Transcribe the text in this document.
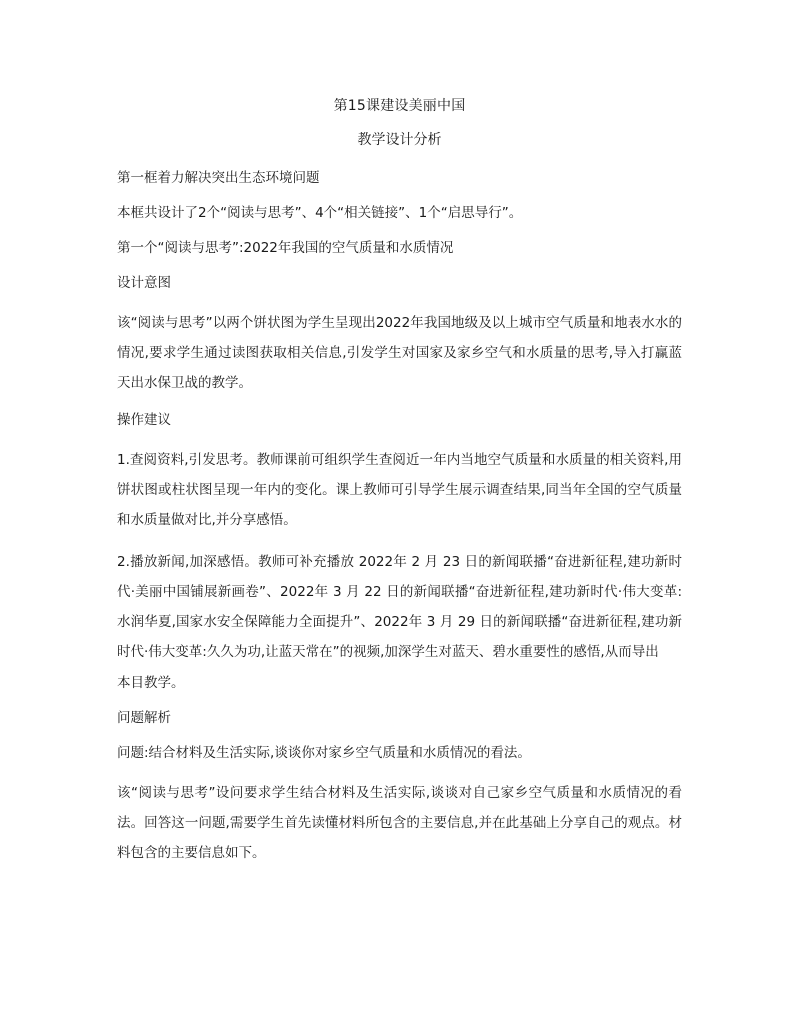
第15课建设美丽中国
教学设计分析
第一框着力解决突出生态环境问题
本框共设计了2个“阅读与思考”、4个“相关链接”、1个“启思导行”。
第一个“阅读与思考”:2022年我国的空气质量和水质情况
设计意图
该“阅读与思考”以两个饼状图为学生呈现出2022年我国地级及以上城市空气质量和地表水水的情况,要求学生通过读图获取相关信息,引发学生对国家及家乡空气和水质量的思考,导入打赢蓝天出水保卫战的教学。
操作建议
1.查阅资料,引发思考。教师课前可组织学生查阅近一年内当地空气质量和水质量的相关资料,用饼状图或柱状图呈现一年内的变化。课上教师可引导学生展示调查结果,同当年全国的空气质量和水质量做对比,并分享感悟。
2.播放新闻,加深感悟。教师可补充播放 2022年 2 月 23 日的新闻联播“奋进新征程,建功新时代·美丽中国铺展新画卷”、2022年 3 月 22 日的新闻联播“奋进新征程,建功新时代·伟大变革:水润华夏,国家水安全保障能力全面提升”、2022年 3 月 29 日的新闻联播“奋进新征程,建功新时代·伟大变革:久久为功,让蓝天常在”的视频,加深学生对蓝天、碧水重要性的感悟,从而导出
本目教学。
问题解析
问题:结合材料及生活实际,谈谈你对家乡空气质量和水质情况的看法。
该“阅读与思考”设问要求学生结合材料及生活实际,谈谈对自己家乡空气质量和水质情况的看法。回答这一问题,需要学生首先读懂材料所包含的主要信息,并在此基础上分享自己的观点。材料包含的主要信息如下。
